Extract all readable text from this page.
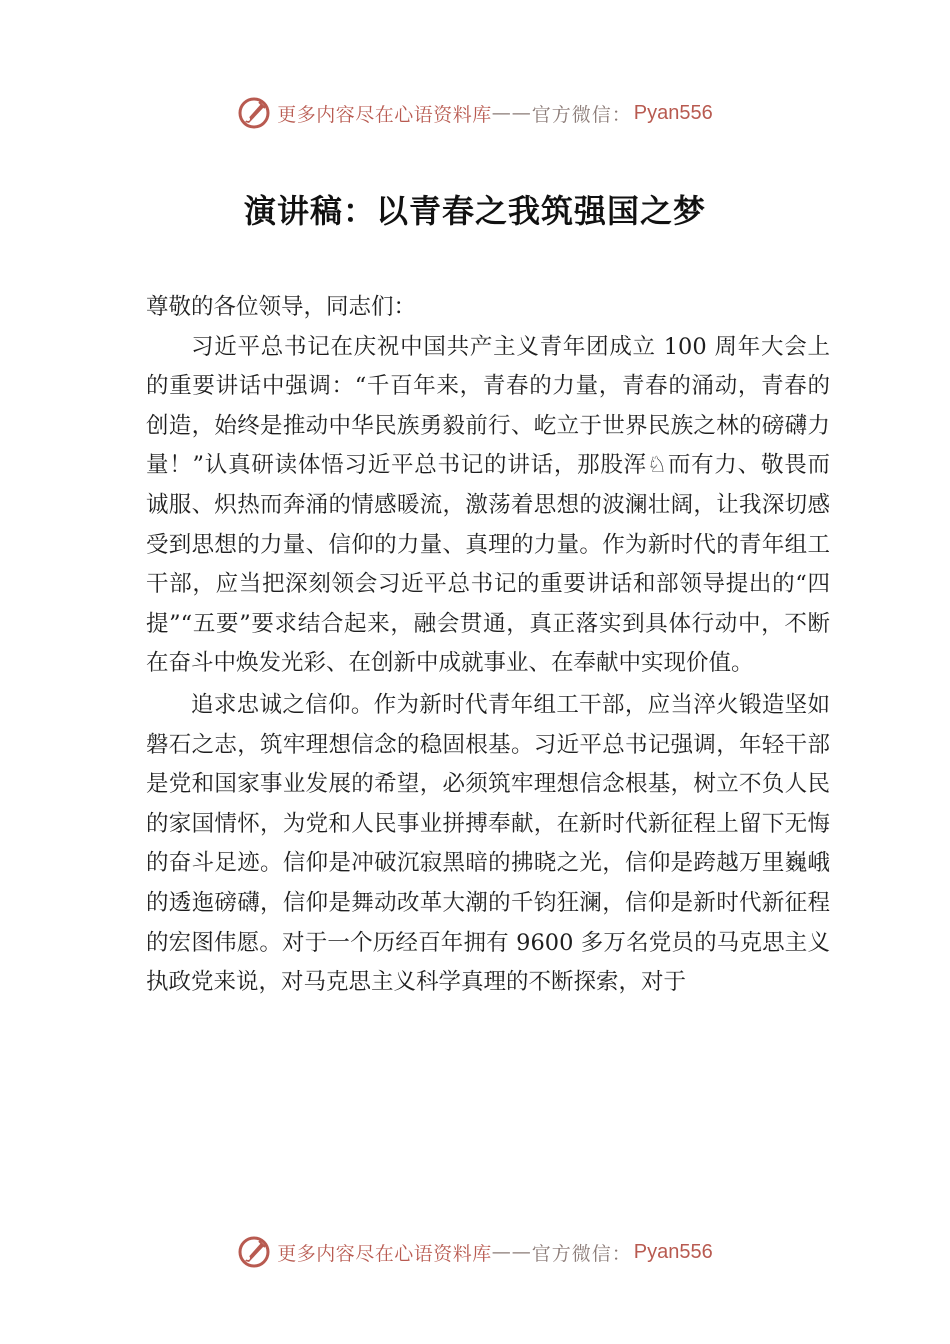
更多内容尽在心语资料库 —— 官方微信： Pyan556
演讲稿：以青春之我筑强国之梦

尊敬的各位领导，同志们：

习近平总书记在庆祝中国共产主义青年团成立 100 周年大会上的重要讲话中强调：“千百年来，青春的力量，青春的涌动，青春的创造，始终是推动中华民族勇毅前行、屹立于世界民族之林的磅礴力量！”认真研读体悟习近平总书记的讲话，那股浑♘而有力、敬畏而诚服、炽热而奔涌的情感暖流，激荡着思想的波澜壮阔，让我深切感受到思想的力量、信仰的力量、真理的力量。作为新时代的青年组工干部，应当把深刻领会习近平总书记的重要讲话和部领导提出的“四提”“五要”要求结合起来，融会贯通，真正落实到具体行动中，不断在奋斗中焕发光彩、在创新中成就事业、在奉献中实现价值。

追求忠诚之信仰。作为新时代青年组工干部，应当淬火锻造坚如磐石之志，筑牢理想信念的稳固根基。习近平总书记强调，年轻干部是党和国家事业发展的希望，必须筑牢理想信念根基，树立不负人民的家国情怀，为党和人民事业拼搏奉献，在新时代新征程上留下无悔的奋斗足迹。信仰是冲破沉寂黑暗的拂晓之光，信仰是跨越万里巍峨的透迤磅礴，信仰是舞动改革大潮的千钧狂澜，信仰是新时代新征程的宏图伟愿。对于一个历经百年拥有 9600 多万名党员的马克思主义执政党来说，对马克思主义科学真理的不断探索，对于

更多内容尽在心语资料库 —— 官方微信： Pyan556
